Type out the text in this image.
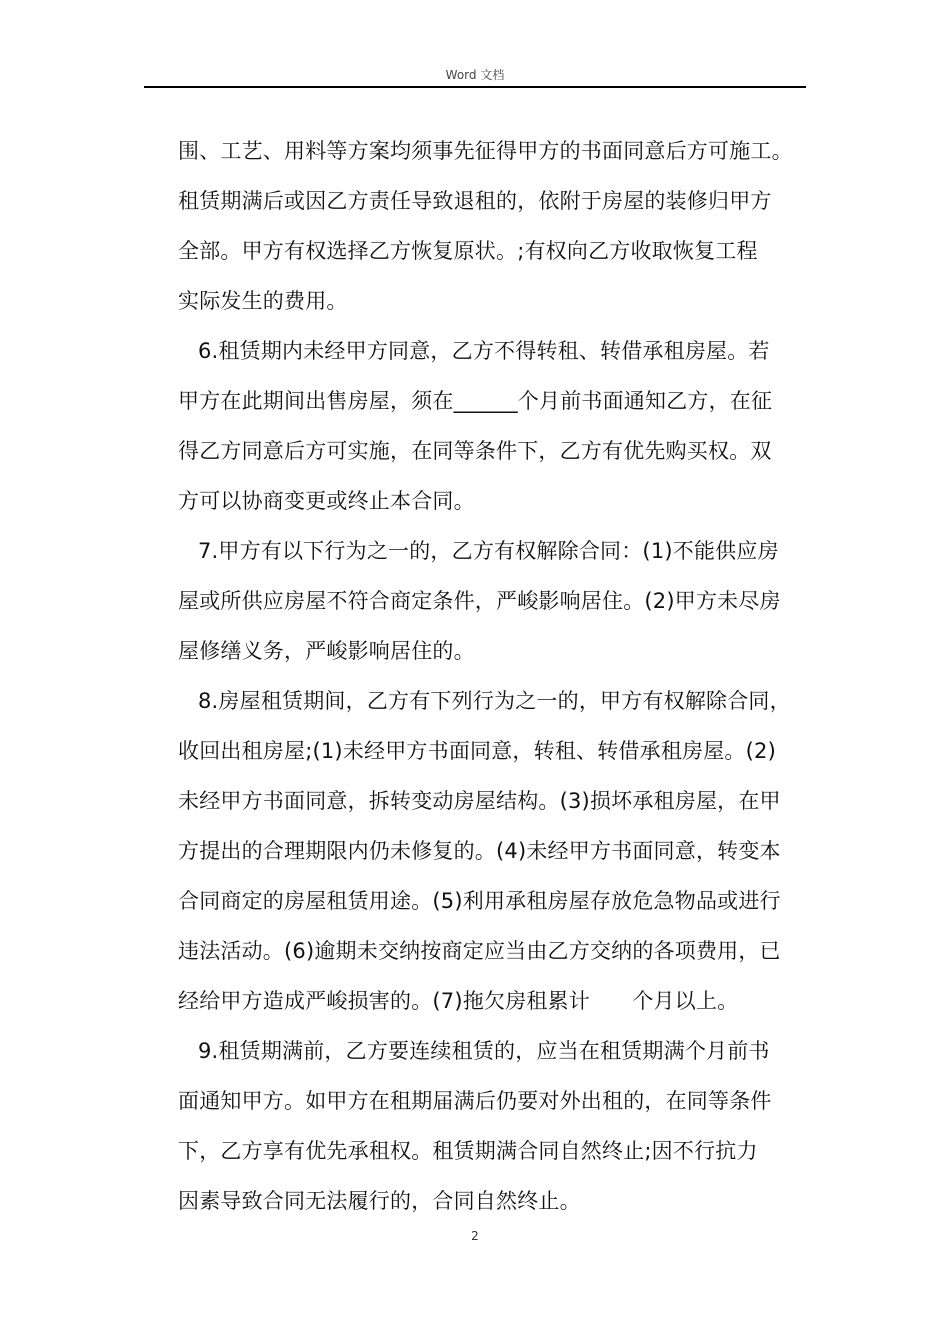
Word 文档
围、工艺、用料等方案均须事先征得甲方的书面同意后方可施工。
租赁期满后或因乙方责任导致退租的，依附于房屋的装修归甲方
全部。甲方有权选择乙方恢复原状。;有权向乙方收取恢复工程
实际发生的费用。
6.租赁期内未经甲方同意，乙方不得转租、转借承租房屋。若
甲方在此期间出售房屋，须在______个月前书面通知乙方，在征
得乙方同意后方可实施，在同等条件下，乙方有优先购买权。双
方可以协商变更或终止本合同。
7.甲方有以下行为之一的，乙方有权解除合同：(1)不能供应房
屋或所供应房屋不符合商定条件，严峻影响居住。(2)甲方未尽房
屋修缮义务，严峻影响居住的。
8.房屋租赁期间，乙方有下列行为之一的，甲方有权解除合同，
收回出租房屋;(1)未经甲方书面同意，转租、转借承租房屋。(2)
未经甲方书面同意，拆转变动房屋结构。(3)损坏承租房屋，在甲
方提出的合理期限内仍未修复的。(4)未经甲方书面同意，转变本
合同商定的房屋租赁用途。(5)利用承租房屋存放危急物品或进行
违法活动。(6)逾期未交纳按商定应当由乙方交纳的各项费用，已
经给甲方造成严峻损害的。(7)拖欠房租累计　　个月以上。
9.租赁期满前，乙方要连续租赁的，应当在租赁期满个月前书
面通知甲方。如甲方在租期届满后仍要对外出租的，在同等条件
下，乙方享有优先承租权。租赁期满合同自然终止;因不行抗力
因素导致合同无法履行的，合同自然终止。
2
